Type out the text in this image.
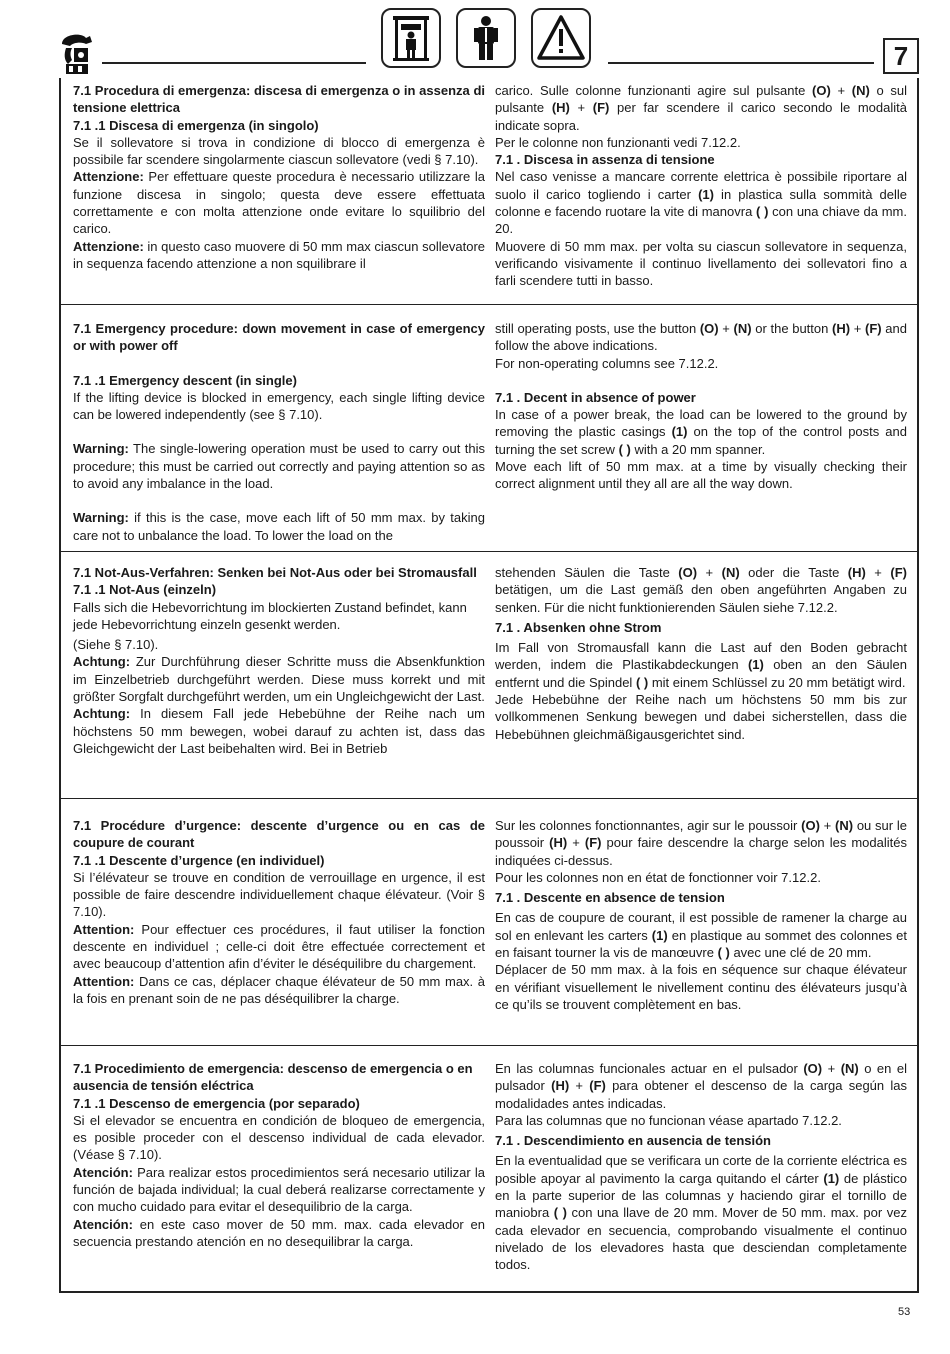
7

7.1 Procedura di emergenza: discesa di emergenza o in assenza di tensione elettrica

7.1 .1 Discesa di emergenza (in singolo)

Se il sollevatore si trova in condizione di blocco di emergenza è possibile far scendere singolarmente ciascun sollevatore (vedi § 7.10).

Attenzione: Per effettuare queste procedura è necessario utilizzare la funzione discesa in singolo; questa deve essere effettuata correttamente e con molta attenzione onde evitare lo squilibrio del carico.

Attenzione: in questo caso muovere di 50 mm max ciascun sollevatore in sequenza facendo attenzione a non squilibrare il

carico. Sulle colonne funzionanti agire sul pulsante (O) + (N) o sul pulsante (H) + (F) per far scendere il carico secondo le modalità indicate sopra.

Per le colonne non funzionanti vedi 7.12.2.

7.1 . Discesa in assenza di tensione

Nel caso venisse a mancare corrente elettrica è possibile riportare al suolo il carico togliendo i carter (1) in plastica sulla sommità delle colonne e facendo ruotare la vite di manovra ( ) con una chiave da mm. 20.

Muovere di 50 mm max. per volta su ciascun sollevatore in sequenza, verificando visivamente il continuo livellamento dei sollevatori fino a farli scendere tutti in basso.

7.1 Emergency procedure: down movement in case of emergency or with power off

7.1 .1 Emergency descent (in single)

If the lifting device is blocked in emergency, each single lifting device can be lowered independently (see § 7.10).

Warning: The single-lowering operation must be used to carry out this procedure; this must be carried out correctly and paying attention so as to avoid any imbalance in the load.

Warning: if this is the case, move each lift of 50 mm max. by taking care not to unbalance the load. To lower the load on the

still operating posts, use the button (O) + (N) or the button (H) + (F) and follow the above indications.

For non-operating columns see 7.12.2.

7.1 . Decent in absence of power

In case of a power break, the load can be lowered to the ground by removing the plastic casings (1) on the top of the control posts and turning the set screw ( ) with a 20 mm spanner.

Move each lift of 50 mm max. at a time by visually checking their correct alignment until they all are all the way down.

7.1 Not-Aus-Verfahren: Senken bei Not-Aus oder bei Stromausfall

7.1 .1 Not-Aus (einzeln)

Falls sich die Hebevorrichtung im blockierten Zustand befindet, kann jede Hebevorrichtung einzeln gesenkt werden.

(Siehe § 7.10).

Achtung: Zur Durchführung dieser Schritte muss die Absenkfunktion im Einzelbetrieb durchgeführt werden. Diese muss korrekt und mit größter Sorgfalt durchgeführt werden, um ein Ungleichgewicht der Last.

Achtung: In diesem Fall jede Hebebühne der Reihe nach um höchstens 50 mm bewegen, wobei darauf zu achten ist, dass das Gleichgewicht der Last beibehalten wird. Bei in Betrieb

stehenden Säulen die Taste (O) + (N) oder die Taste (H) + (F) betätigen, um die Last gemäß den oben angeführten Angaben zu senken. Für die nicht funktionierenden Säulen siehe 7.12.2.

7.1 . Absenken ohne Strom

Im Fall von Stromausfall kann die Last auf den Boden gebracht werden, indem die Plastikabdeckungen (1) oben an den Säulen entfernt und die Spindel ( ) mit einem Schlüssel zu 20 mm betätigt wird.

Jede Hebebühne der Reihe nach um höchstens 50 mm bis zur vollkommenen Senkung bewegen und dabei sicherstellen, dass die Hebebühnen gleichmäßigausgerichtet sind.

7.1 Procédure d’urgence: descente d’urgence ou en cas de coupure de courant

7.1 .1 Descente d’urgence (en individuel)

Si l’élévateur se trouve en condition de verrouillage en urgence, il est possible de faire descendre individuellement chaque élévateur. (Voir § 7.10).

Attention: Pour effectuer ces procédures, il faut utiliser la fonction descente en individuel ; celle-ci doit être effectuée correctement et avec beaucoup d’attention afin d’éviter le déséquilibre du chargement.

Attention: Dans ce cas, déplacer chaque élévateur de 50 mm max. à la fois en prenant soin de ne pas déséquilibrer la charge.

Sur les colonnes fonctionnantes, agir sur le poussoir (O) + (N) ou sur le poussoir (H) + (F) pour faire descendre la charge selon les modalités indiquées ci-dessus.

Pour les colonnes non en état de fonctionner voir 7.12.2.

7.1 . Descente en absence de tension

En cas de coupure de courant, il est possible de ramener la charge au sol en enlevant les carters (1) en plastique au sommet des colonnes et en faisant tourner la vis de manœuvre ( ) avec une clé de 20 mm.

Déplacer de 50 mm max. à la fois en séquence sur chaque élévateur en vérifiant visuellement le nivellement continu des élévateurs jusqu’à ce qu’ils se trouvent complètement en bas.

7.1 Procedimiento de emergencia: descenso de emergencia o en ausencia de tensión eléctrica

7.1 .1 Descenso de emergencia (por separado)

Si el elevador se encuentra en condición de bloqueo de emergencia, es posible proceder con el descenso individual de cada elevador. (Véase § 7.10).

Atención: Para realizar estos procedimientos será necesario utilizar la función de bajada individual; la cual deberá realizarse correctamente y con mucho cuidado para evitar el desequilibrio de la carga.

Atención: en este caso mover de 50 mm. max. cada elevador en secuencia prestando atención en no desequilibrar la carga.

En las columnas funcionales actuar en el pulsador (O) + (N) o en el pulsador (H) + (F) para obtener el descenso de la carga según las modalidades antes indicadas.

Para las columnas que no funcionan véase apartado 7.12.2.

7.1 . Descendimiento en ausencia de tensión

En la eventualidad que se verificara un corte de la corriente eléctrica es posible apoyar al pavimento la carga quitando el cárter (1) de plástico en la parte superior de las columnas y haciendo girar el tornillo de maniobra ( ) con una llave de 20 mm. Mover de 50 mm. max. por vez cada elevador en secuencia, comprobando visualmente el continuo nivelado de los elevadores hasta que desciendan completamente todos.

53
